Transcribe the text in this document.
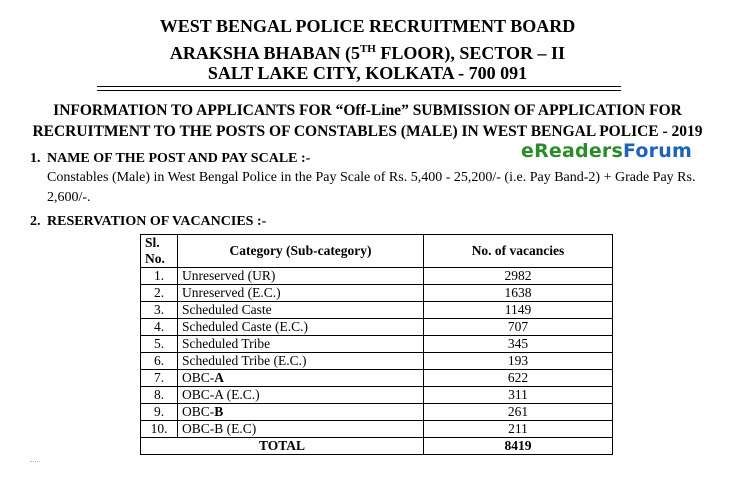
WEST BENGAL POLICE RECRUITMENT BOARD
ARAKSHA BHABAN (5TH FLOOR), SECTOR – II
SALT LAKE CITY, KOLKATA - 700 091
INFORMATION TO APPLICANTS FOR “Off-Line” SUBMISSION OF APPLICATION FOR
RECRUITMENT TO THE POSTS OF CONSTABLES (MALE) IN WEST BENGAL POLICE - 2019
eReadersForum
1. NAME OF THE POST AND PAY SCALE :-
Constables (Male) in West Bengal Police in the Pay Scale of Rs. 5,400 - 25,200/- (i.e. Pay Band-2) + Grade Pay Rs. 2,600/-.
2. RESERVATION OF VACANCIES :-
Sl.
No.	Category (Sub-category)	No. of vacancies
1.	Unreserved (UR)	2982
2.	Unreserved (E.C.)	1638
3.	Scheduled Caste	1149
4.	Scheduled Caste (E.C.)	707
5.	Scheduled Tribe	345
6.	Scheduled Tribe (E.C.)	193
7.	OBC-A	622
8.	OBC-A (E.C.)	311
9.	OBC-B	261
10.	OBC-B (E.C)	211
TOTAL		8419
